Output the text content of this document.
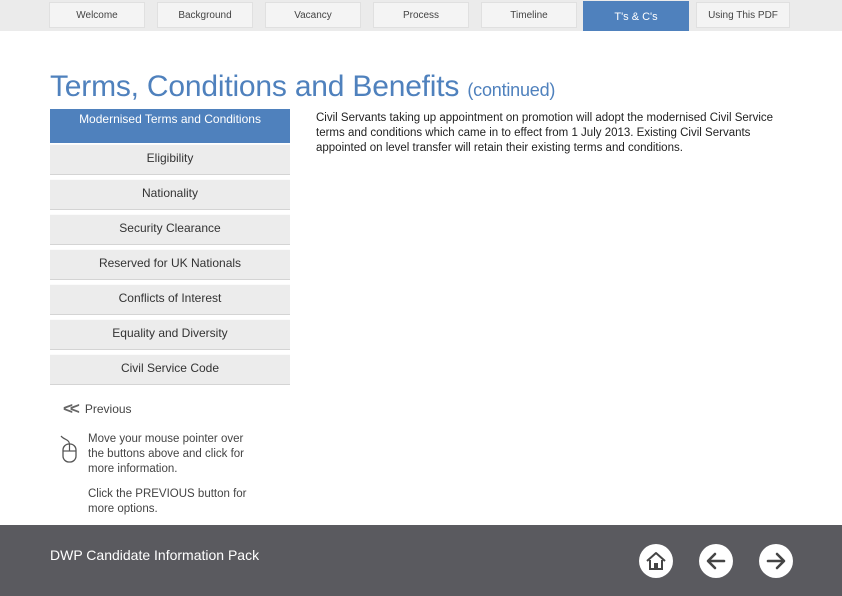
Welcome	Background	Vacancy	Process	Timeline	T's & C's	Using This PDF
Terms, Conditions and Benefits (continued)
Modernised Terms and Conditions
Eligibility
Nationality
Security Clearance
Reserved for UK Nationals
Conflicts of Interest
Equality and Diversity
Civil Service Code
Civil Servants taking up appointment on promotion will adopt the modernised Civil Service terms and conditions which came in to effect from 1 July 2013. Existing Civil Servants appointed on level transfer will retain their existing terms and conditions.
<< Previous
Move your mouse pointer over the buttons above and click for more information.
Click the PREVIOUS button for more options.
DWP Candidate Information Pack
